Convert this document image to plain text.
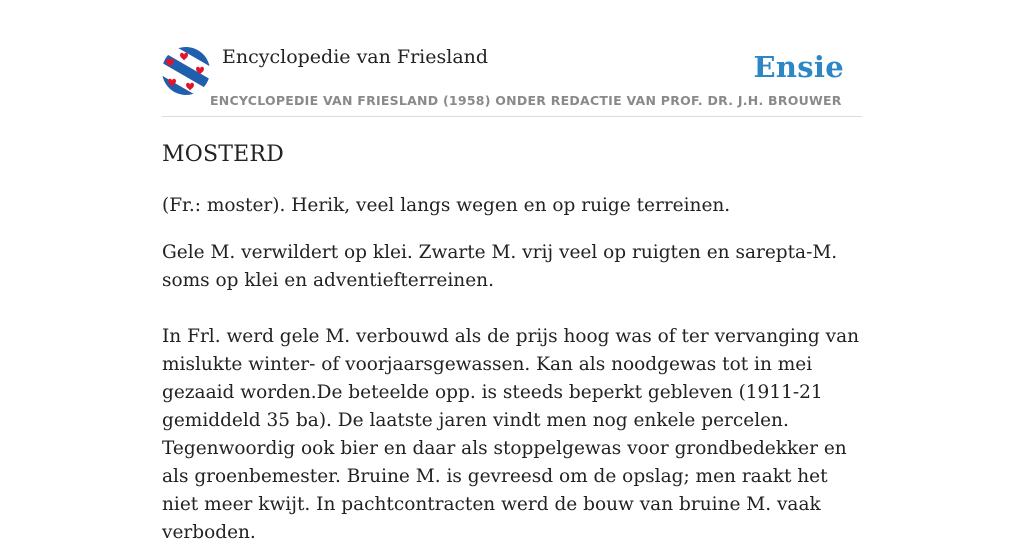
Encyclopedie van Friesland	Ensie
ENCYCLOPEDIE VAN FRIESLAND (1958) ONDER REDACTIE VAN PROF. DR. J.H. BROUWER
MOSTERD

(Fr.: moster). Herik, veel langs wegen en op ruige terreinen.

Gele M. verwildert op klei. Zwarte M. vrij veel op ruigten en sarepta-M. soms op klei en adventiefterreinen.

In Frl. werd gele M. verbouwd als de prijs hoog was of ter vervanging van mislukte winter- of voorjaarsgewassen. Kan als noodgewas tot in mei gezaaid worden.De beteelde opp. is steeds beperkt gebleven (1911-21 gemiddeld 35 ba). De laatste jaren vindt men nog enkele percelen. Tegenwoordig ook bier en daar als stoppelgewas voor grondbedekker en als groenbemester. Bruine M. is gevreesd om de opslag; men raakt het niet meer kwijt. In pachtcontracten werd de bouw van bruine M. vaak verboden.
